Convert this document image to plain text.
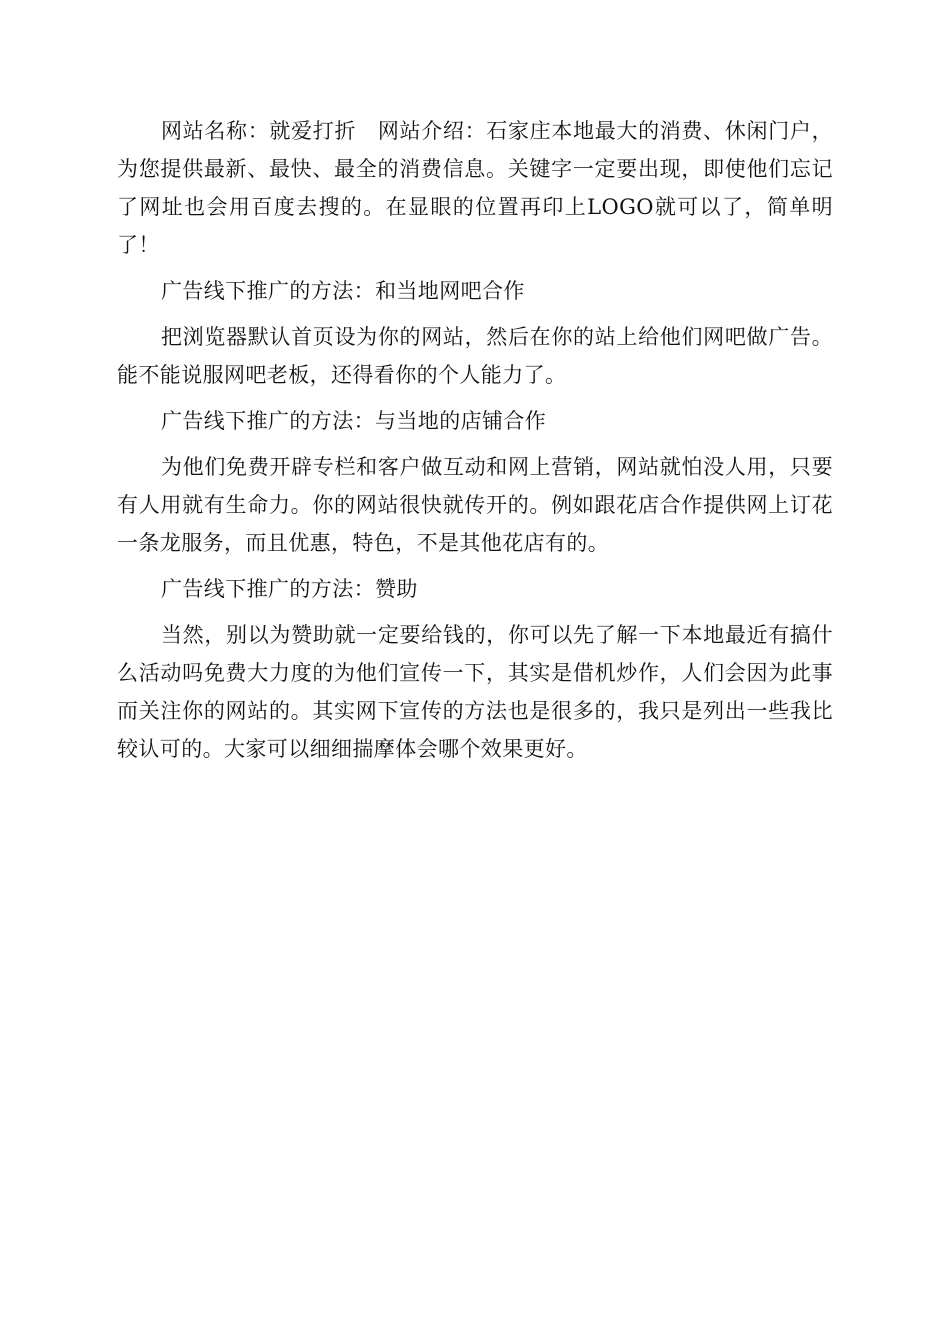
网站名称：就爱打折　网站介绍：石家庄本地最大的消费、休闲门户，为您提供最新、最快、最全的消费信息。关键字一定要出现，即使他们忘记了网址也会用百度去搜的。在显眼的位置再印上LOGO就可以了，简单明了！

广告线下推广的方法：和当地网吧合作

把浏览器默认首页设为你的网站，然后在你的站上给他们网吧做广告。能不能说服网吧老板，还得看你的个人能力了。

广告线下推广的方法：与当地的店铺合作

为他们免费开辟专栏和客户做互动和网上营销，网站就怕没人用，只要有人用就有生命力。你的网站很快就传开的。例如跟花店合作提供网上订花一条龙服务，而且优惠，特色，不是其他花店有的。

广告线下推广的方法：赞助

当然，别以为赞助就一定要给钱的，你可以先了解一下本地最近有搞什么活动吗免费大力度的为他们宣传一下，其实是借机炒作，人们会因为此事而关注你的网站的。其实网下宣传的方法也是很多的，我只是列出一些我比较认可的。大家可以细细揣摩体会哪个效果更好。
